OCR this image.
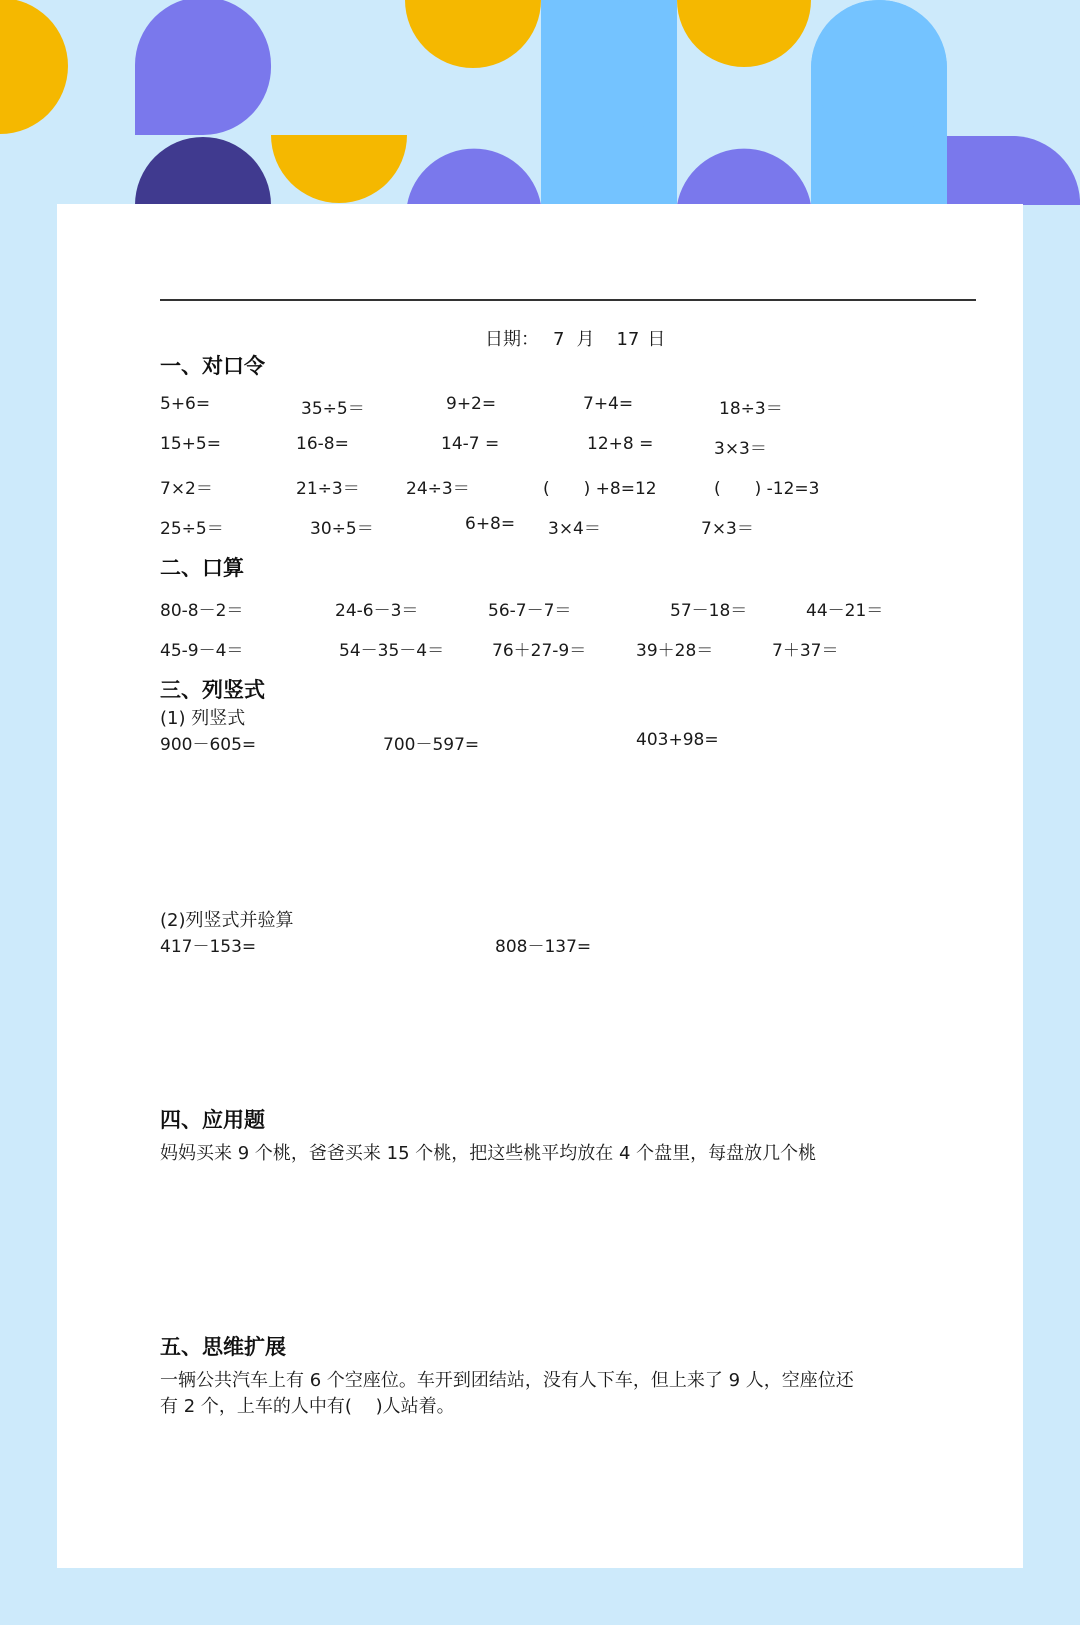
日期： 7 月 17 日
一、对口令
5+6=	35÷5＝	9+2=	7+4=	18÷3＝
15+5=	16-8=	14-7 =	12+8 =	3×3＝
7×2＝	21÷3＝	24÷3＝	(　　) +8=12	(　　) -12=3
25÷5＝	30÷5＝	6+8= 3×4＝	7×3＝
二、口算
80-8－2＝	24-6－3＝	56-7－7＝	57－18＝	44－21＝
45-9－4＝	54－35－4＝	76＋27-9＝	39＋28＝	7＋37＝
三、列竖式
(1) 列竖式
900－605=	700－597=	403+98=
(2)列竖式并验算
417－153=	808－137=
四、应用题
妈妈买来 9 个桃，爸爸买来 15 个桃，把这些桃平均放在 4 个盘里，每盘放几个桃
五、思维扩展
一辆公共汽车上有 6 个空座位。车开到团结站，没有人下车，但上来了 9 人，空座位还
有 2 个，上车的人中有(　 )人站着。
